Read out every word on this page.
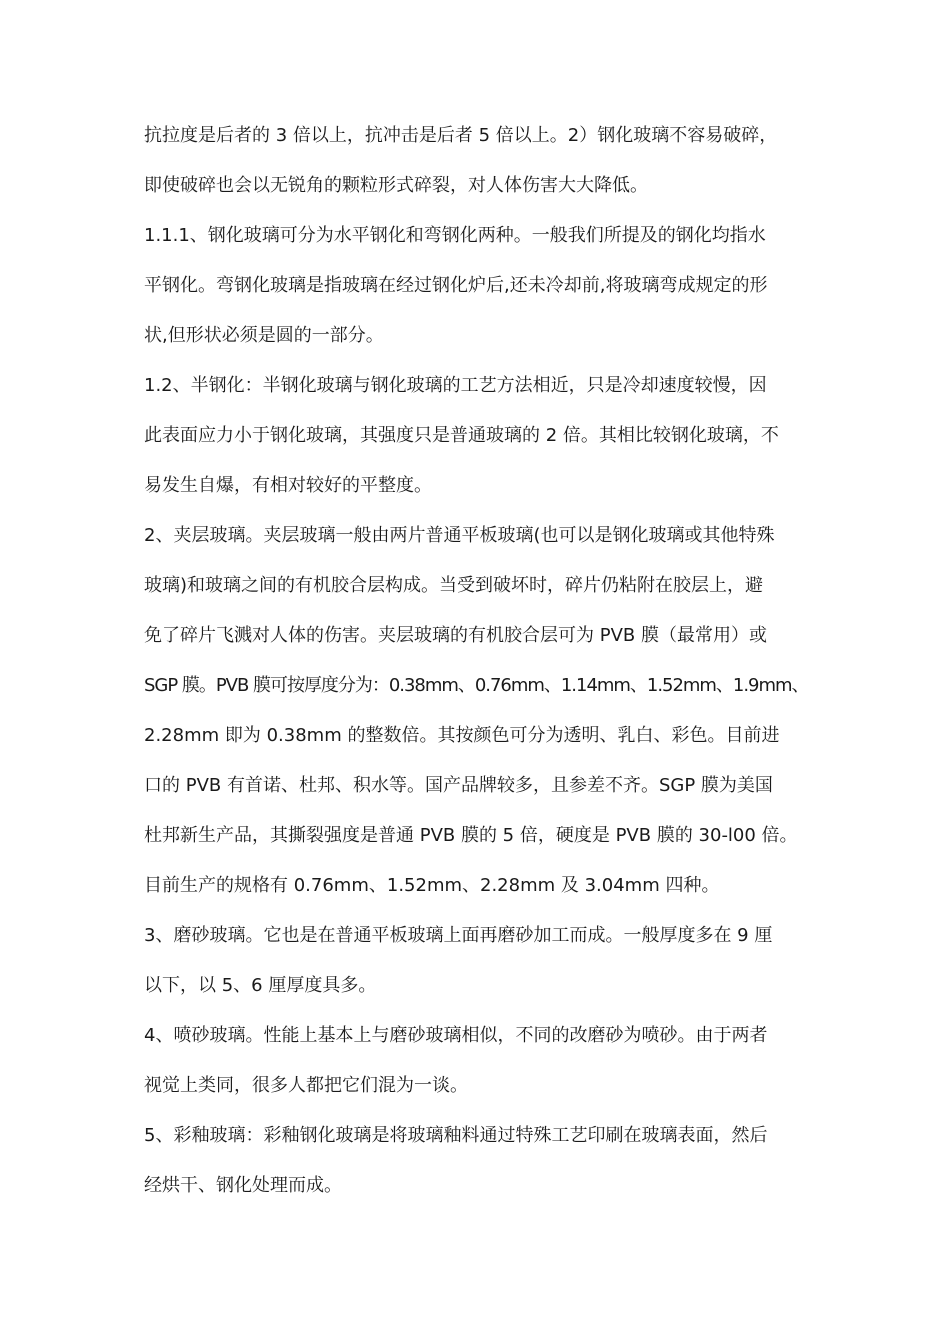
抗拉度是后者的 3 倍以上，抗冲击是后者 5 倍以上。2）钢化玻璃不容易破碎，
即使破碎也会以无锐角的颗粒形式碎裂，对人体伤害大大降低。
1.1.1、钢化玻璃可分为水平钢化和弯钢化两种。一般我们所提及的钢化均指水
平钢化。弯钢化玻璃是指玻璃在经过钢化炉后,还未冷却前,将玻璃弯成规定的形
状,但形状必须是圆的一部分。
1.2、半钢化：半钢化玻璃与钢化玻璃的工艺方法相近，只是冷却速度较慢，因
此表面应力小于钢化玻璃，其强度只是普通玻璃的 2 倍。其相比较钢化玻璃，不
易发生自爆，有相对较好的平整度。
2、夹层玻璃。夹层玻璃一般由两片普通平板玻璃(也可以是钢化玻璃或其他特殊
玻璃)和玻璃之间的有机胶合层构成。当受到破坏时，碎片仍粘附在胶层上，避
免了碎片飞溅对人体的伤害。夹层玻璃的有机胶合层可为 PVB 膜（最常用）或
SGP 膜。PVB 膜可按厚度分为：0.38mm、0.76mm、1.14mm、1.52mm、1.9mm、
2.28mm 即为 0.38mm 的整数倍。其按颜色可分为透明、乳白、彩色。目前进
口的 PVB 有首诺、杜邦、积水等。国产品牌较多，且参差不齐。SGP 膜为美国
杜邦新生产品，其撕裂强度是普通 PVB 膜的 5 倍，硬度是 PVB 膜的 30-l00 倍。
目前生产的规格有 0.76mm、1.52mm、2.28mm 及 3.04mm 四种。
3、磨砂玻璃。它也是在普通平板玻璃上面再磨砂加工而成。一般厚度多在 9 厘
以下，以 5、6 厘厚度具多。
4、喷砂玻璃。性能上基本上与磨砂玻璃相似，不同的改磨砂为喷砂。由于两者
视觉上类同，很多人都把它们混为一谈。
5、彩釉玻璃：彩釉钢化玻璃是将玻璃釉料通过特殊工艺印刷在玻璃表面，然后
经烘干、钢化处理而成。
